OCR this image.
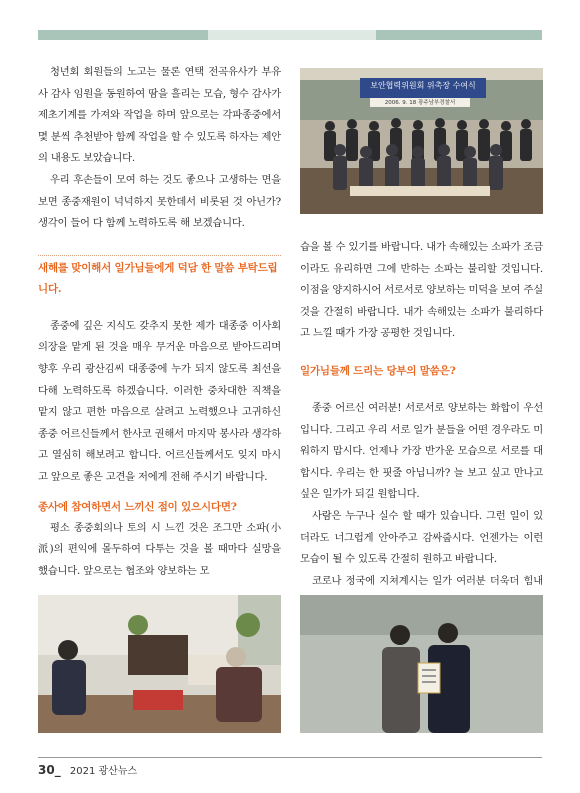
청년회 회원들의 노고는 물론 연택 전곡유사가 부유사 감사 임원을 동원하여 땀을 흘리는 모습, 형수 감사가 제초기계를 가져와 작업을 하며 앞으로는 각파종중에서 몇 분씩 추천받아 함께 작업을 할 수 있도록 하자는 제안의 내용도 보았습니다.

우리 후손들이 모여 하는 것도 좋으나 고생하는 면을 보면 종중재원이 넉넉하지 못한데서 비롯된 것 아닌가? 생각이 들어 다 함께 노력하도록 해 보겠습니다.

새해를 맞이해서 일가님들에게 덕담 한 말씀 부탁드립니다.

종중에 깊은 지식도 갖추지 못한 제가 대종중 이사회 의장을 맡게 된 것을 매우 무거운 마음으로 받아드리며 향후 우리 광산김씨 대종중에 누가 되지 않도록 최선을 다해 노력하도록 하겠습니다. 이러한 중차대한 직책을 맡지 않고 편한 마음으로 살려고 노력했으나 고귀하신 종중 어르신들께서 한사코 권해서 마지막 봉사라 생각하고 열심히 해보려고 합니다. 어르신들께서도 잊지 마시고 앞으로 좋은 고견을 저에게 전해 주시기 바랍니다.

종사에 참여하면서 느끼신 점이 있으시다면?

평소 종중회의나 토의 시 느낀 것은 조그만 소파(小派)의 편익에 몰두하여 다투는 것을 볼 때마다 실망을 했습니다. 앞으로는 협조와 양보하는 모

습을 볼 수 있기를 바랍니다. 내가 속해있는 소파가 조금이라도 유리하면 그에 반하는 소파는 불리할 것입니다. 이점을 양지하시어 서로서로 양보하는 미덕을 보여 주실 것을 간절히 바랍니다. 내가 속해있는 소파가 불리하다고 느낄 때가 가장 공평한 것입니다.

일가님들께 드리는 당부의 말씀은?

종중 어르신 여러분! 서로서로 양보하는 화합이 우선입니다. 그리고 우리 서로 일가 분들을 어떤 경우라도 미워하지 맙시다. 언제나 가장 반가운 모습으로 서로를 대합시다. 우리는 한 핏줄 아닙니까? 늘 보고 싶고 만나고 싶은 일가가 되길 원합니다.

사람은 누구나 실수 할 때가 있습니다. 그런 일이 있더라도 너그럽게 안아주고 감싸줍시다. 언젠가는 이런 모습이 될 수 있도록 간절히 원하고 바랍니다.

코로나 정국에 지쳐계시는 일가 여러분 더욱더 힘내

보안협력위원회 위촉장 수여식
2006. 9. 18 광주남부경찰서
30_ 2021 광산뉴스
